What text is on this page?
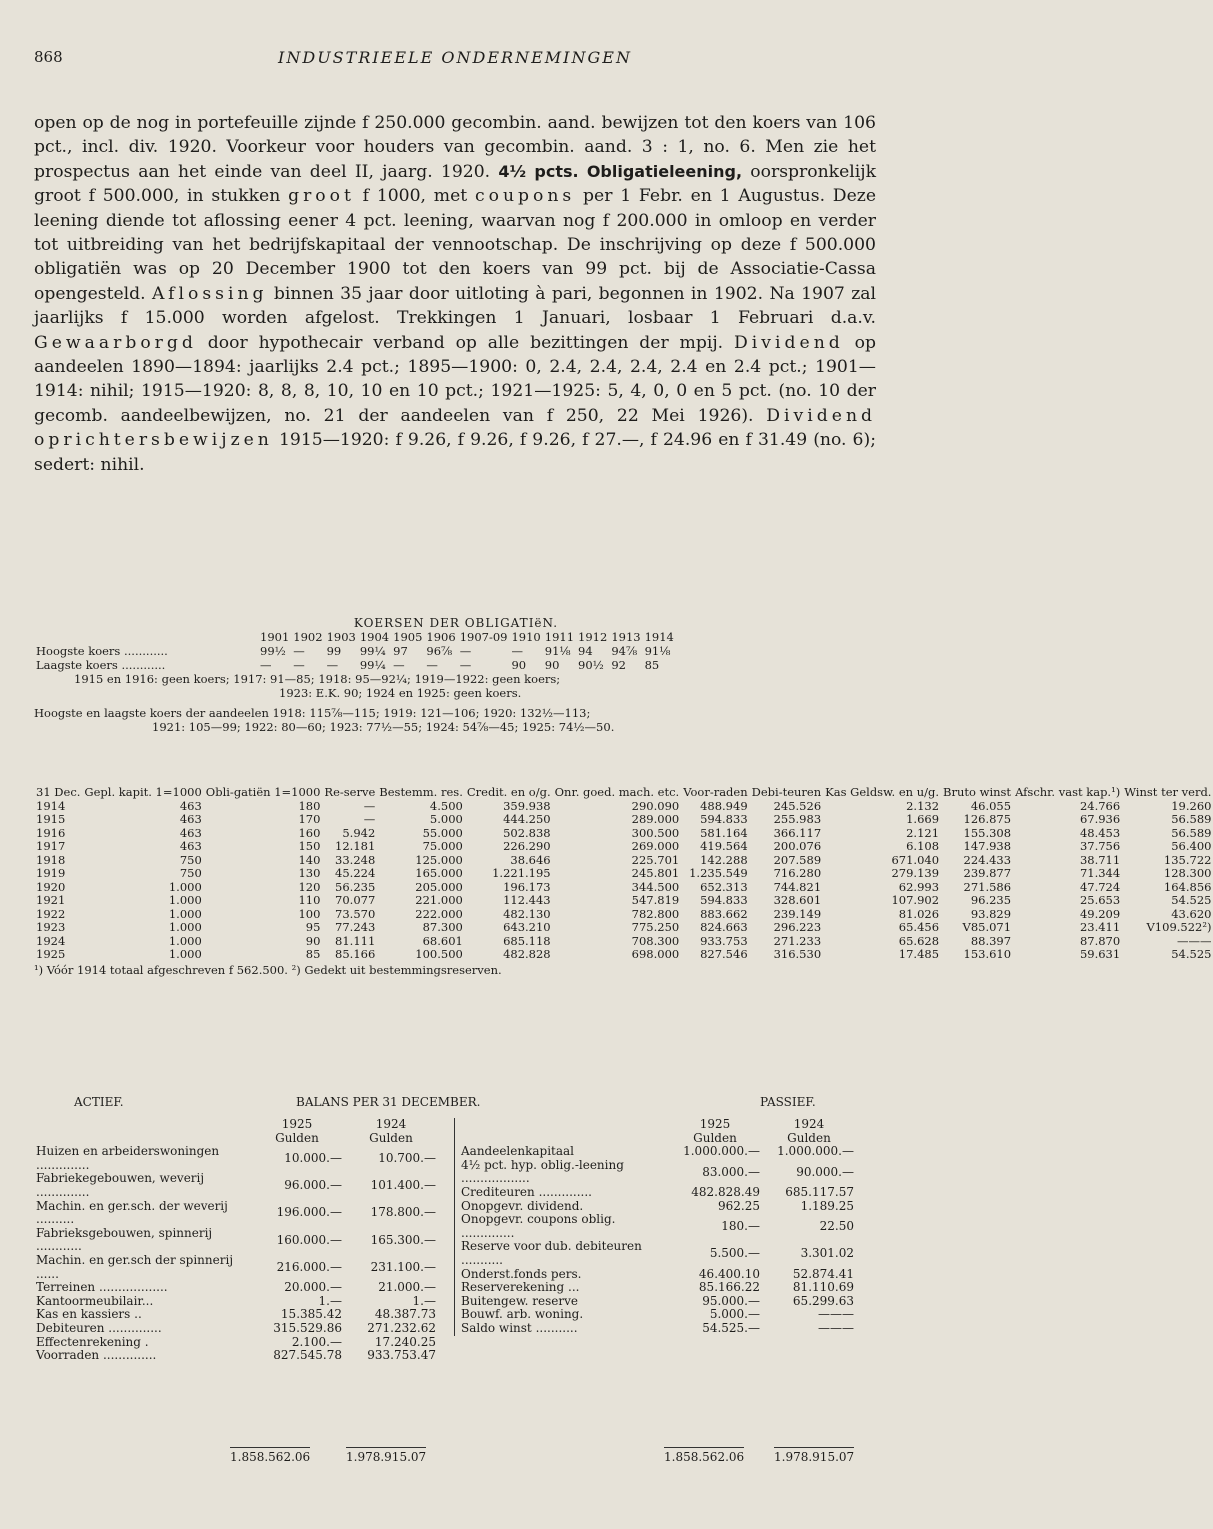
868	INDUSTRIEELE ONDERNEMINGEN

open op de nog in portefeuille zijnde f 250.000 gecombin. aand. bewijzen tot den koers van 106 pct., incl. div. 1920. Voorkeur voor houders van gecombin. aand. 3 : 1, no. 6. Men zie het prospectus aan het einde van deel II, jaarg. 1920. 4½ pcts. Obligatieleening, oorspronkelijk groot f 500.000, in stukken groot f 1000, met coupons per 1 Febr. en 1 Augustus. Deze leening diende tot aflossing eener 4 pct. leening, waarvan nog f 200.000 in omloop en verder tot uitbreiding van het bedrijfskapitaal der vennootschap. De inschrijving op deze f 500.000 obligatiën was op 20 December 1900 tot den koers van 99 pct. bij de Associatie-Cassa opengesteld. Aflossing binnen 35 jaar door uitloting à pari, begonnen in 1902. Na 1907 zal jaarlijks f 15.000 worden afgelost. Trekkingen 1 Januari, losbaar 1 Februari d.a.v. Gewaarborgd door hypothecair verband op alle bezittingen der mpij. Dividend op aandeelen 1890—1894: jaarlijks 2.4 pct.; 1895—1900: 0, 2.4, 2.4, 2.4, 2.4 en 2.4 pct.; 1901—1914: nihil; 1915—1920: 8, 8, 8, 10, 10 en 10 pct.; 1921—1925: 5, 4, 0, 0 en 5 pct. (no. 10 der gecomb. aandeelbewijzen, no. 21 der aandeelen van f 250, 22 Mei 1926). Dividend oprichtersbewijzen 1915—1920: f 9.26, f 9.26, f 9.26, f 27.—, f 24.96 en f 31.49 (no. 6); sedert: nihil.

KOERSEN DER OBLIGATIëN.
	1901	1902	1903	1904	1905	1906	1907-09	1910	1911	1912	1913	1914
Hoogste koers ............	99½	—	99	99¼	97	96⅞	—	—	91⅛	94	94⅞	91⅛
Laagste koers ............	—	—	—	99¼	—	—	—	90	90	90½	92	85
1915 en 1916: geen koers; 1917: 91—85; 1918: 95—92¼; 1919—1922: geen koers;
1923: E.K. 90; 1924 en 1925: geen koers.
Hoogste en laagste koers der aandeelen 1918: 115⅞—115; 1919: 121—106; 1920: 132½—113;
1921: 105—99; 1922: 80—60; 1923: 77½—55; 1924: 54⅞—45; 1925: 74½—50.
31 Dec.	Gepl. kapit. 1=1000	Obli-gatiën 1=1000	Re-serve	Bestemm. res.	Credit. en o/g.	Onr. goed. mach. etc.	Voor-raden	Debi-teuren	Kas Geldsw. en u/g.	Bruto winst	Afschr. vast kap.¹)	Winst ter verd.
1914	463	180	—	4.500	359.938	290.090	488.949	245.526	2.132	46.055	24.766	19.260
1915	463	170	—	5.000	444.250	289.000	594.833	255.983	1.669	126.875	67.936	56.589
1916	463	160	5.942	55.000	502.838	300.500	581.164	366.117	2.121	155.308	48.453	56.589
1917	463	150	12.181	75.000	226.290	269.000	419.564	200.076	6.108	147.938	37.756	56.400
1918	750	140	33.248	125.000	38.646	225.701	142.288	207.589	671.040	224.433	38.711	135.722
1919	750	130	45.224	165.000	1.221.195	245.801	1.235.549	716.280	279.139	239.877	71.344	128.300
1920	1.000	120	56.235	205.000	196.173	344.500	652.313	744.821	62.993	271.586	47.724	164.856
1921	1.000	110	70.077	221.000	112.443	547.819	594.833	328.601	107.902	96.235	25.653	54.525
1922	1.000	100	73.570	222.000	482.130	782.800	883.662	239.149	81.026	93.829	49.209	43.620
1923	1.000	95	77.243	87.300	643.210	775.250	824.663	296.223	65.456	V85.071	23.411	V109.522²)
1924	1.000	90	81.111	68.601	685.118	708.300	933.753	271.233	65.628	88.397	87.870	———
1925	1.000	85	85.166	100.500	482.828	698.000	827.546	316.530	17.485	153.610	59.631	54.525
¹) Vóór 1914 totaal afgeschreven f 562.500. ²) Gedekt uit bestemmingsreserven.
ACTIEF.	BALANS PER 31 DECEMBER.	PASSIEF.
	1925	1924
	Gulden	Gulden
Huizen en arbeiderswoningen ..............	10.000.—	10.700.—
Fabriekegebouwen, weverij ..............	96.000.—	101.400.—
Machin. en ger.sch. der weverij ..........	196.000.—	178.800.—
Fabrieksgebouwen, spinnerij ............	160.000.—	165.300.—
Machin. en ger.sch der spinnerij ......	216.000.—	231.100.—
Terreinen ..................	20.000.—	21.000.—
Kantoormeubilair...	1.—	1.—
Kas en kassiers ..	15.385.42	48.387.73
Debiteuren ..............	315.529.86	271.232.62
Effectenrekening .	2.100.—	17.240.25
Voorraden ..............	827.545.78	933.753.47
	1925	1924
	Gulden	Gulden
Aandeelenkapitaal	1.000.000.—	1.000.000.—
4½ pct. hyp. oblig.-leening ..................	83.000.—	90.000.—
Crediteuren ..............	482.828.49	685.117.57
Onopgevr. dividend.	962.25	1.189.25
Onopgevr. coupons oblig. ..............	180.—	22.50
Reserve voor dub. debiteuren ...........	5.500.—	3.301.02
Onderst.fonds pers.	46.400.10	52.874.41
Reserverekening ...	85.166.22	81.110.69
Buitengew. reserve	95.000.—	65.299.63
Bouwf. arb. woning.	5.000.—	———
Saldo winst ...........	54.525.—	———
1.858.562.06	1.978.915.07	1.858.562.06 1.978.915.07
